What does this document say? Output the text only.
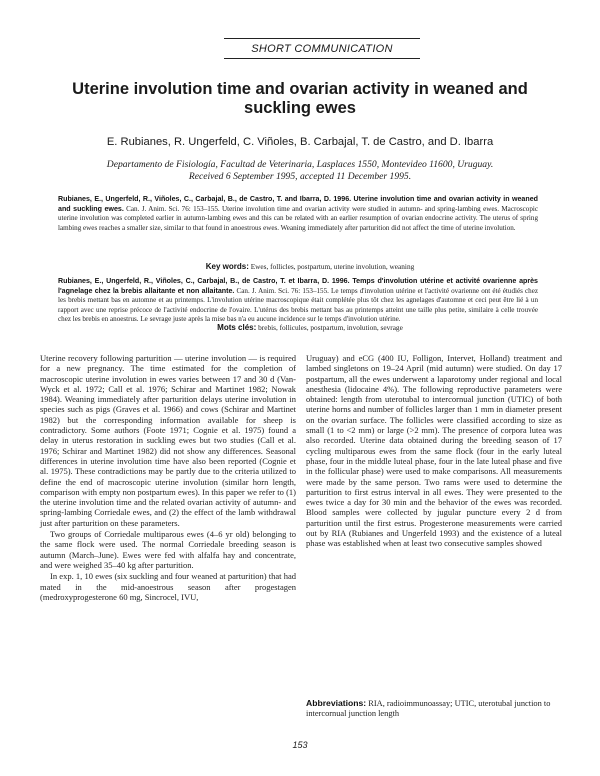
SHORT COMMUNICATION
Uterine involution time and ovarian activity in weaned and suckling ewes
E. Rubianes, R. Ungerfeld, C. Viñoles, B. Carbajal, T. de Castro, and D. Ibarra
Departamento de Fisiología, Facultad de Veterinaria, Lasplaces 1550, Montevideo 11600, Uruguay.
Received 6 September 1995, accepted 11 December 1995.
Rubianes, E., Ungerfeld, R., Viñoles, C., Carbajal, B., de Castro, T. and Ibarra, D. 1996. Uterine involution time and ovarian activity in weaned and suckling ewes. Can. J. Anim. Sci. 76: 153–155. Uterine involution time and ovarian activity were studied in autumn- and spring-lambing ewes. Macroscopic uterine involution was completed earlier in autumn-lambing ewes and this can be related with an earlier resumption of ovarian endocrine activity. The uterus of spring lambing ewes reaches a smaller size, similar to that found in anoestrous ewes. Weaning immediately after parturition did not affect the time of uterine involution.
Key words: Ewes, follicles, postpartum, uterine involution, weaning
Rubianes, E., Ungerfeld, R., Viñoles, C., Carbajal, B., de Castro, T. et Ibarra, D. 1996. Temps d'involution utérine et activité ovarienne après l'agnelage chez la brebis allaitante et non allaitante. Can. J. Anim. Sci. 76: 153–155. Le temps d'involution utérine et l'activité ovarienne ont été étudiés chez les brebis mettant bas en automne et au printemps. L'involution utérine macroscopique était complétée plus tôt chez les agnelages d'automne et ceci peut être lié à un rapport avec une reprise précoce de l'activité endocrine de l'ovaire. L'utérus des brebis mettant bas au printemps atteint une taille plus petite, similaire à celle trouvée chez les brebis en anoestrus. Le sevrage juste après la mise bas n'a eu aucune incidence sur le temps d'involution utérine.
Mots clés: brebis, follicules, postpartum, involution, sevrage

Uterine recovery following parturition — uterine involution — is required for a new pregnancy. The time estimated for the completion of macroscopic uterine involution in ewes varies between 17 and 30 d (Van-Wyck et al. 1972; Call et al. 1976; Schirar and Martinet 1982; Nowak 1984). Weaning immediately after parturition delays uterine involution in species such as pigs (Graves et al. 1966) and cows (Schirar and Martinet 1982) but the corresponding information available for sheep is contradictory. Some authors (Foote 1971; Cognie et al. 1975) found a delay in uterus restoration in suckling ewes but two studies (Call et al. 1976; Schirar and Martinet 1982) did not show any differences. Seasonal differences in uterine involution time have also been reported (Cognie et al. 1975). These contradictions may be partly due to the criteria utilized to define the end of macroscopic uterine involution (similar horn length, comparison with empty non postpartum ewes). In this paper we refer to (1) the uterine involution time and the related ovarian activity of autumn- and spring-lambing Corriedale ewes, and (2) the effect of the lamb withdrawal just after parturition on these parameters.

Two groups of Corriedale multiparous ewes (4–6 yr old) belonging to the same flock were used. The normal Corriedale breeding season is autumn (March–June). Ewes were fed with alfalfa hay and concentrate, and were weighed 35–40 kg after parturition.

In exp. 1, 10 ewes (six suckling and four weaned at parturition) that had mated in the mid-anoestrous season after progestagen (medroxyprogesterone 60 mg, Sincrocel, IVU,

Uruguay) and eCG (400 IU, Folligon, Intervet, Holland) treatment and lambed singletons on 19–24 April (mid autumn) were studied. On day 17 postpartum, all the ewes underwent a laparotomy under regional and local anesthesia (lidocaine 4%). The following reproductive parameters were obtained: length from uterotubal to intercornual junction (UTIC) of both uterine horns and number of follicles larger than 1 mm in diameter present on the ovarian surface. The follicles were classified according to size as small (1 to <2 mm) or large (>2 mm). The presence of corpora lutea was also recorded. Uterine data obtained during the breeding season of 17 cycling multiparous ewes from the same flock (four in the early luteal phase, four in the middle luteal phase, four in the late luteal phase and five in the follicular phase) were used to make comparisons. All measurements were made by the same person. Two rams were used to determine the parturition to first estrus interval in all ewes. They were presented to the ewes twice a day for 30 min and the behavior of the ewes was recorded. Blood samples were collected by jugular puncture every 2 d from parturition until the first estrus. Progesterone measurements were carried out by RIA (Rubianes and Ungerfeld 1993) and the existence of a luteal phase was established when at least two consecutive samples showed

Abbreviations: RIA, radioimmunoassay; UTIC, uterotubal junction to intercornual junction length
153
